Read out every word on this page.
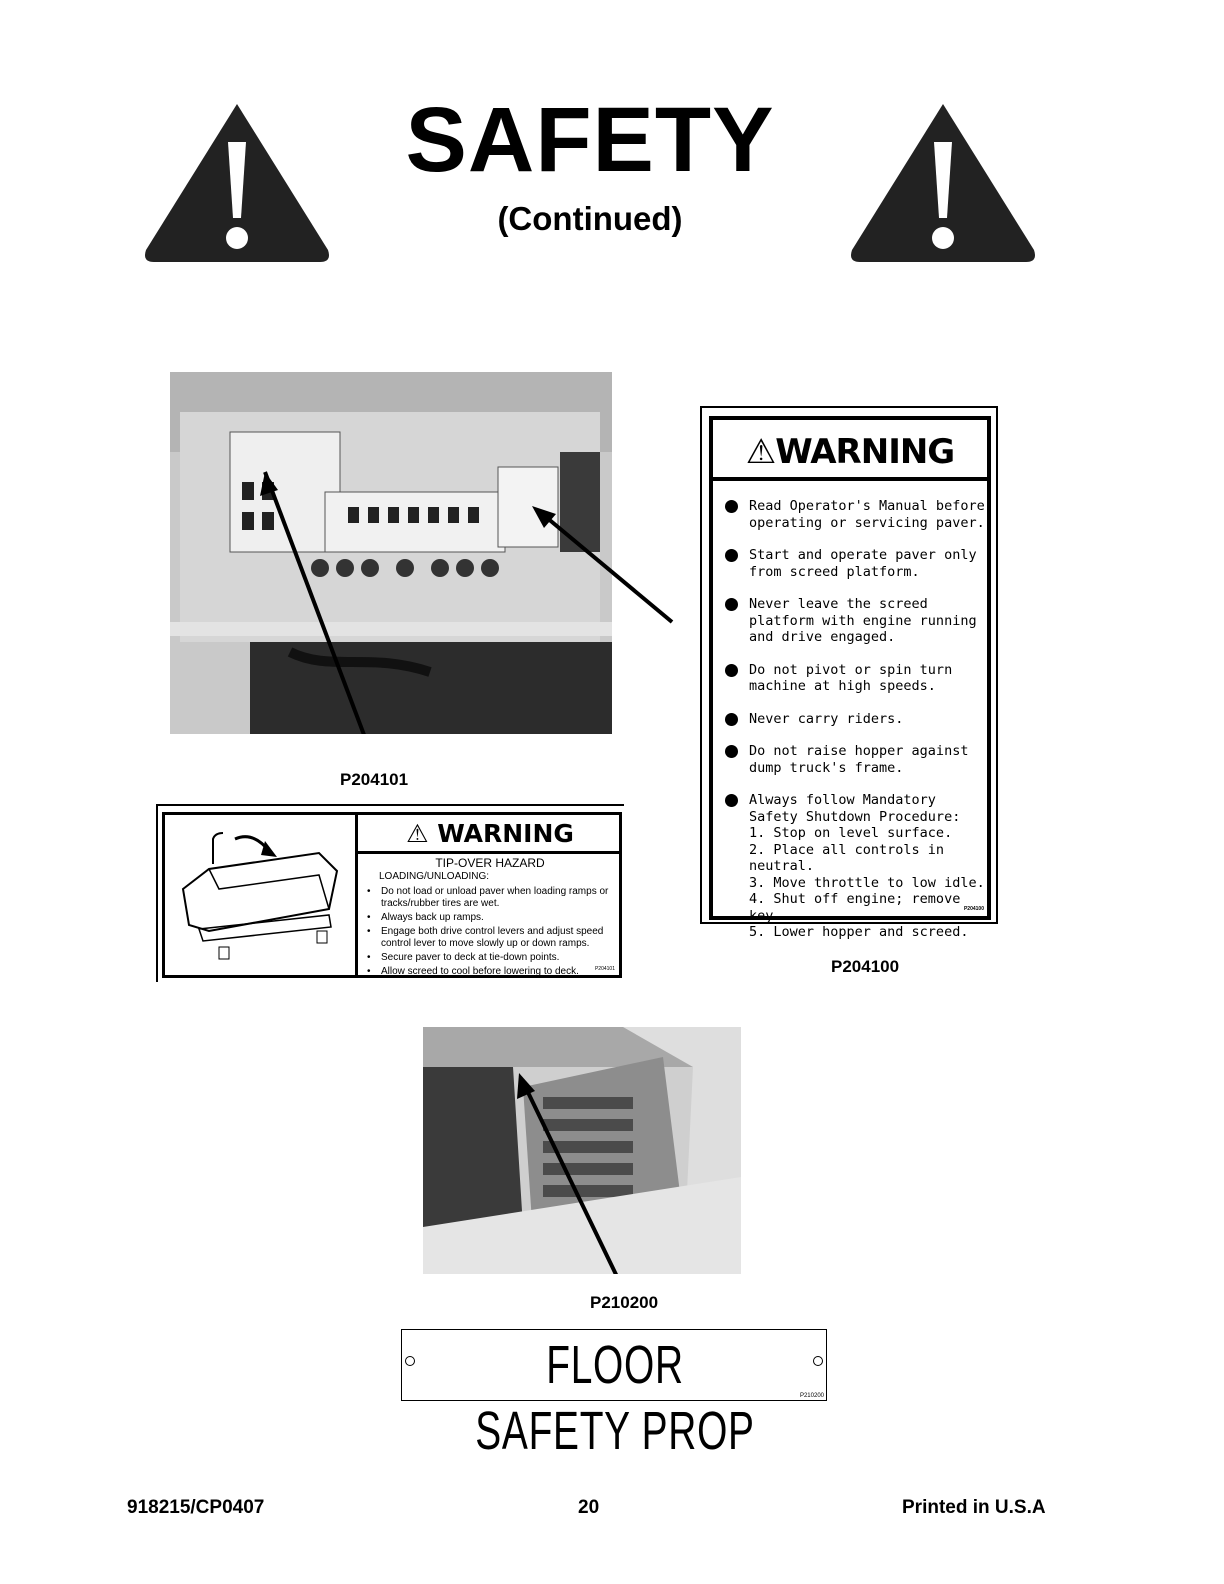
SAFETY
(Continued)
P204101
⚠ WARNING
TIP-OVER HAZARD
LOADING/UNLOADING:
• Do not load or unload paver when loading ramps or tracks/rubber tires are wet.
• Always back up ramps.
• Engage both drive control levers and adjust speed control lever to move slowly up or down ramps.
• Secure paver to deck at tie-down points.
• Allow screed to cool before lowering to deck.	P204101
⚠WARNING
Read Operator's Manual before operating or servicing paver.
Start and operate paver only from screed platform.
Never leave the screed platform with engine running and drive engaged.
Do not pivot or spin turn machine at high speeds.
Never carry riders.
Do not raise hopper against dump truck's frame.
Always follow Mandatory Safety Shutdown Procedure:
1. Stop on level surface.
2. Place all controls in neutral.
3. Move throttle to low idle.
4. Shut off engine; remove key.
5. Lower hopper and screed.
P204100
P204100
P210200
FLOOR SAFETY PROP
P210200
918215/CP0407	20	Printed in U.S.A
